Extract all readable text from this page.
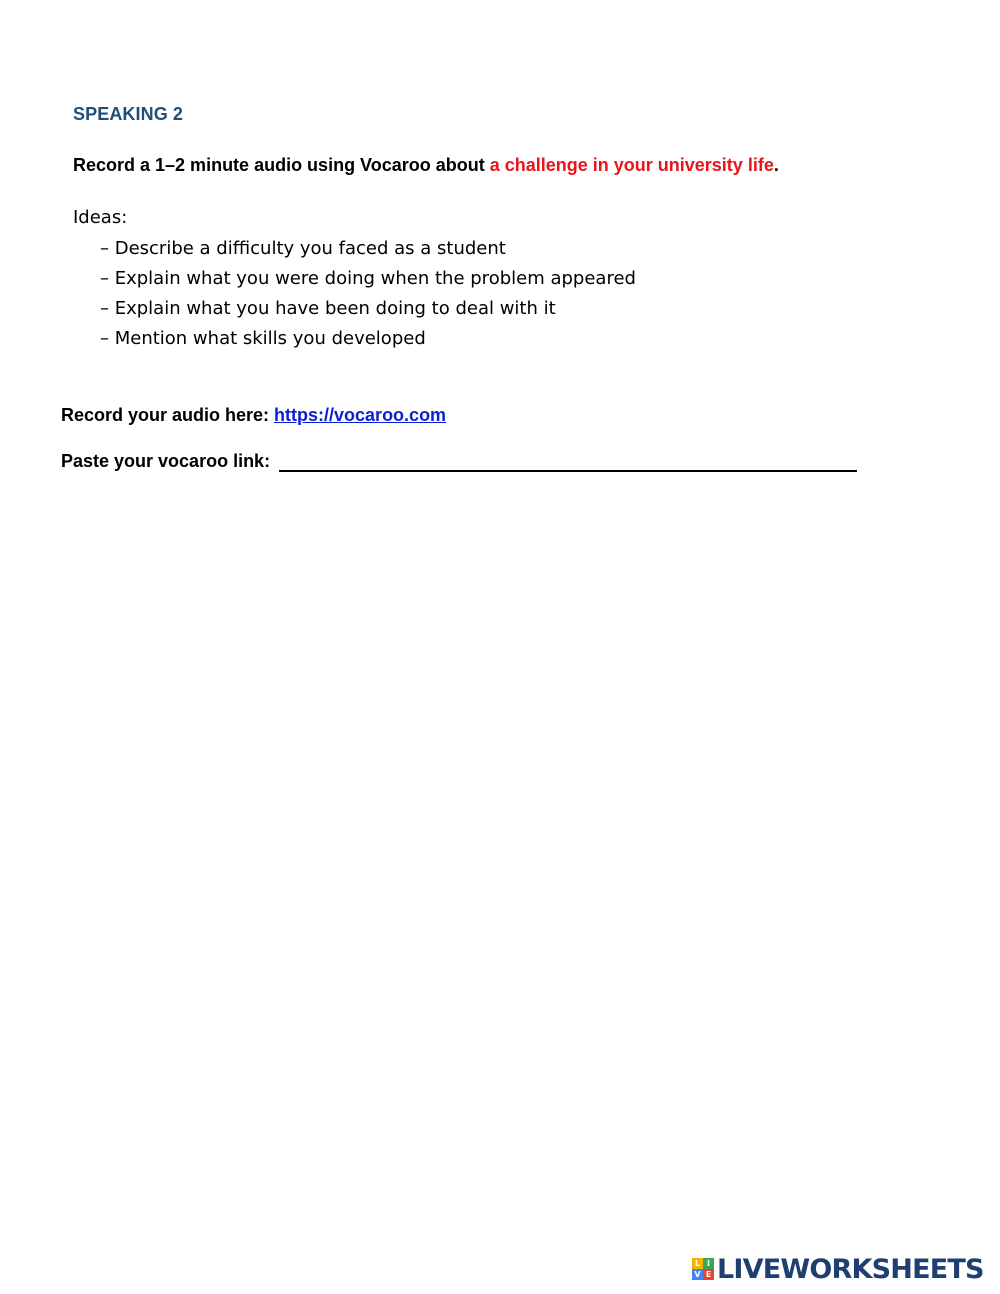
SPEAKING 2
Record a 1–2 minute audio using Vocaroo about a challenge in your university life.
Ideas:
– Describe a difficulty you faced as a student
– Explain what you were doing when the problem appeared
– Explain what you have been doing to deal with it
– Mention what skills you developed
Record your audio here: https://vocaroo.com
Paste your vocaroo link:
L I
V E LIVEWORKSHEETS
